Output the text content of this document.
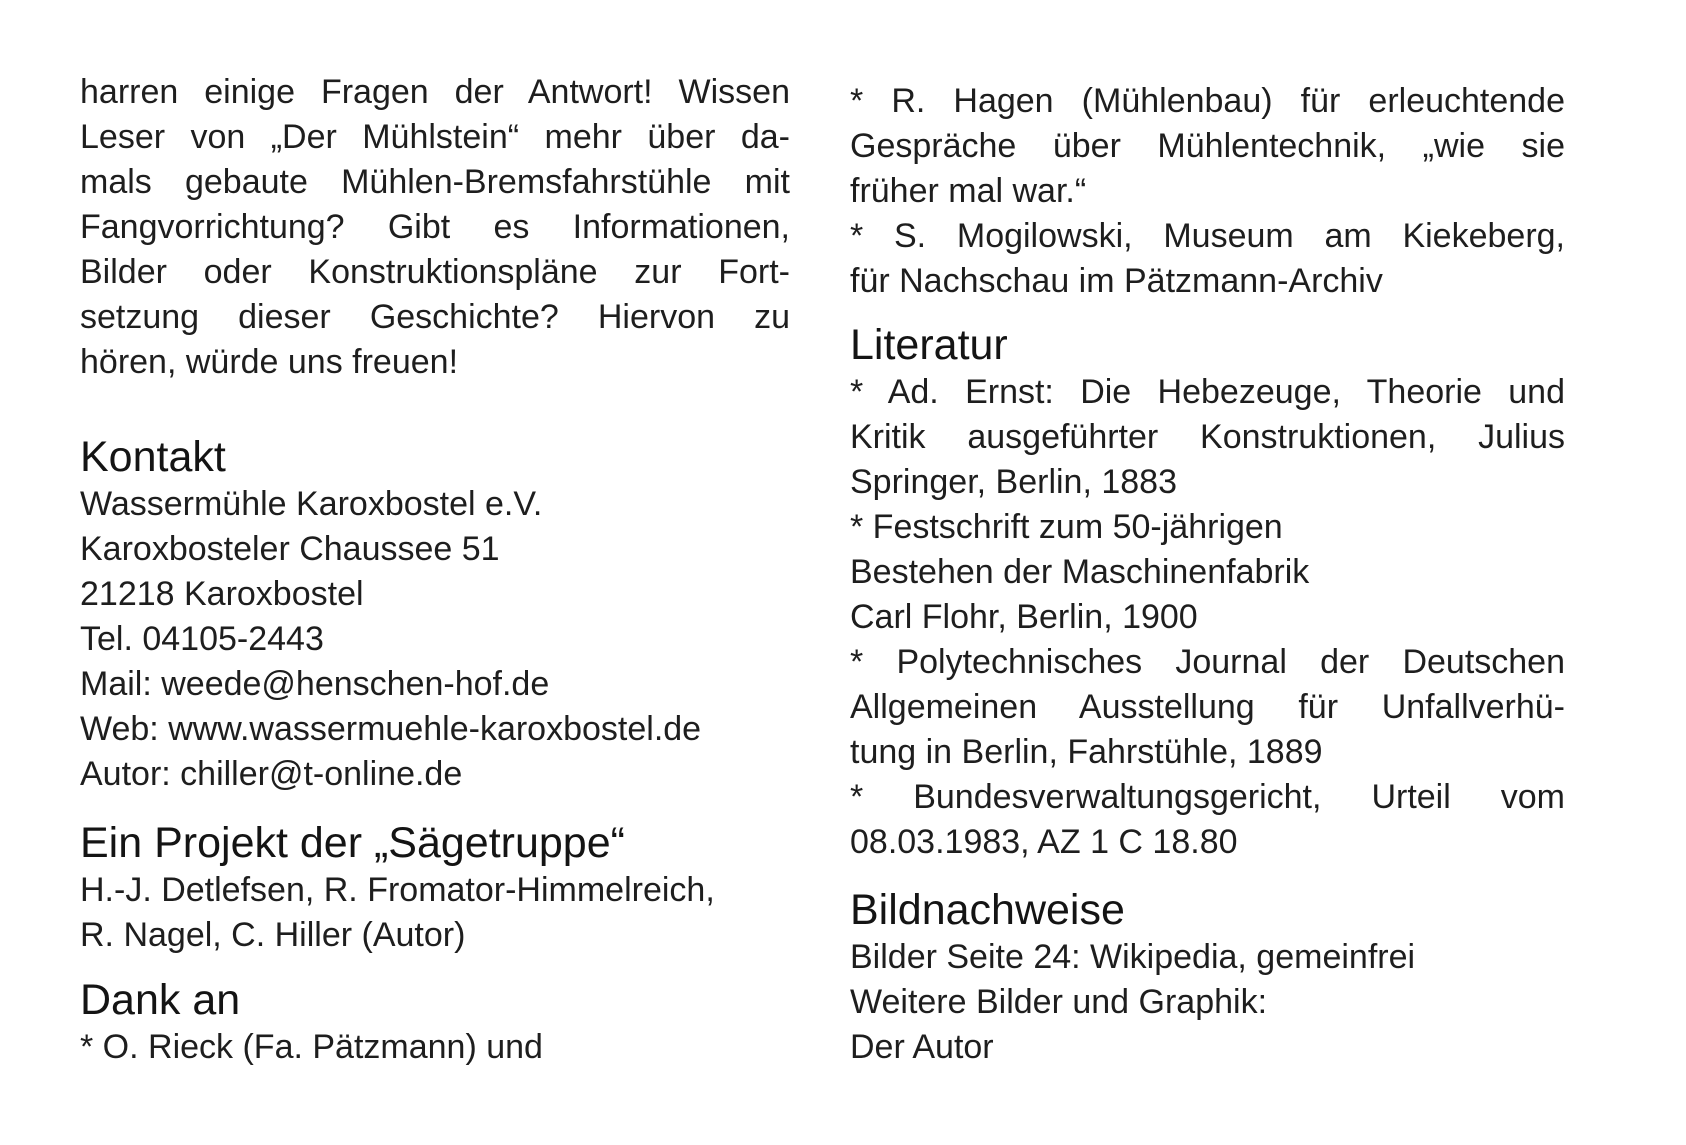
harren einige Fragen der Antwort! Wissen
Leser von „Der Mühlstein“ mehr über da-
mals gebaute Mühlen-Bremsfahrstühle mit
Fangvorrichtung? Gibt es Informationen,
Bilder oder Konstruktionspläne zur Fort-
setzung dieser Geschichte? Hiervon zu
hören, würde uns freuen!
Kontakt
Wassermühle Karoxbostel e.V.
Karoxbosteler Chaussee 51
21218 Karoxbostel
Tel. 04105-2443
Mail: weede@henschen-hof.de
Web: www.wassermuehle-karoxbostel.de
Autor: chiller@t-online.de
Ein Projekt der „Sägetruppe“
H.-J. Detlefsen, R. Fromator-Himmelreich,
R. Nagel, C. Hiller (Autor)
Dank an
* O. Rieck (Fa. Pätzmann) und
* R. Hagen (Mühlenbau) für erleuchtende
Gespräche über Mühlentechnik, „wie sie
früher mal war.“
* S. Mogilowski, Museum am Kiekeberg,
für Nachschau im Pätzmann-Archiv
Literatur
* Ad. Ernst: Die Hebezeuge, Theorie und
Kritik ausgeführter Konstruktionen, Julius
Springer, Berlin, 1883
* Festschrift zum 50-jährigen
Bestehen der Maschinenfabrik
Carl Flohr, Berlin, 1900
* Polytechnisches Journal der Deutschen
Allgemeinen Ausstellung für Unfallverhü-
tung in Berlin, Fahrstühle, 1889
* Bundesverwaltungsgericht, Urteil vom
08.03.1983, AZ 1 C 18.80
Bildnachweise
Bilder Seite 24: Wikipedia, gemeinfrei
Weitere Bilder und Graphik:
Der Autor
